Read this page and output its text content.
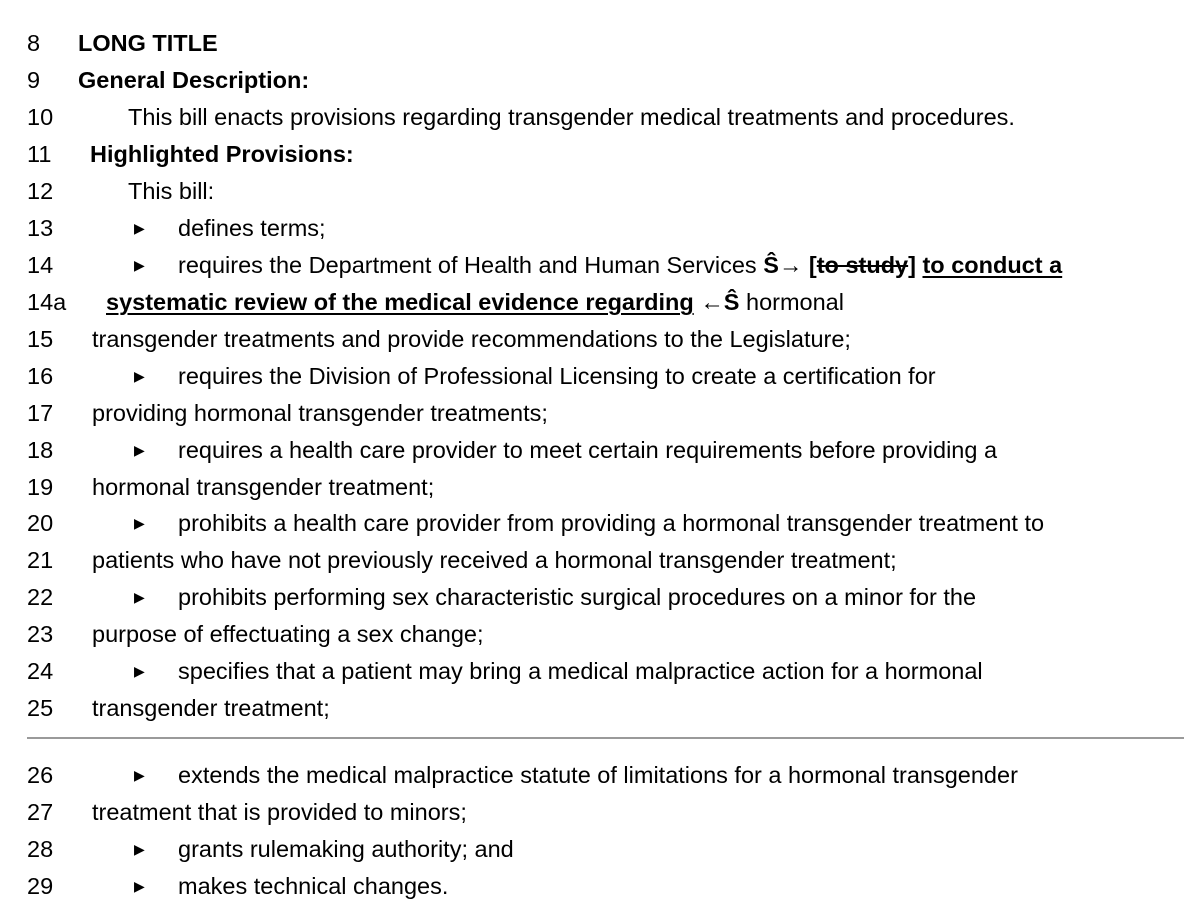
8 LONG TITLE
9 General Description:
10	This bill enacts provisions regarding transgender medical treatments and procedures.
11 Highlighted Provisions:
12	This bill:
13	▶ defines terms;
14	▶ requires the Department of Health and Human Services Ŝ→ [to study] to conduct a
14a systematic review of the medical evidence regarding ←Ŝ hormonal
15 transgender treatments and provide recommendations to the Legislature;
16	▶ requires the Division of Professional Licensing to create a certification for
17 providing hormonal transgender treatments;
18	▶ requires a health care provider to meet certain requirements before providing a
19 hormonal transgender treatment;
20	▶ prohibits a health care provider from providing a hormonal transgender treatment to
21 patients who have not previously received a hormonal transgender treatment;
22	▶ prohibits performing sex characteristic surgical procedures on a minor for the
23 purpose of effectuating a sex change;
24	▶ specifies that a patient may bring a medical malpractice action for a hormonal
25 transgender treatment;
26	▶ extends the medical malpractice statute of limitations for a hormonal transgender
27 treatment that is provided to minors;
28	▶ grants rulemaking authority; and
29	▶ makes technical changes.
